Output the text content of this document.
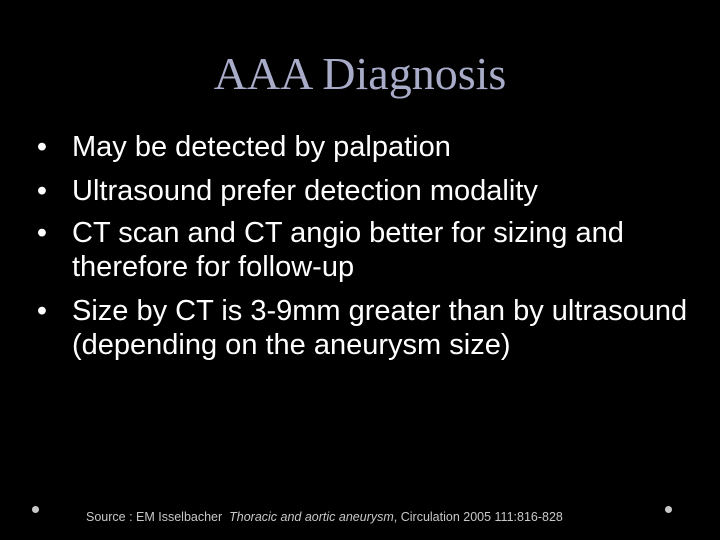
AAA Diagnosis
• May be detected by palpation
• Ultrasound prefer detection modality
• CT scan and CT angio better for sizing and therefore for follow-up
• Size by CT is 3-9mm greater than by ultrasound (depending on the aneurysm size)
Source : EM Isselbacher Thoracic and aortic aneurysm, Circulation 2005 111:816-828
